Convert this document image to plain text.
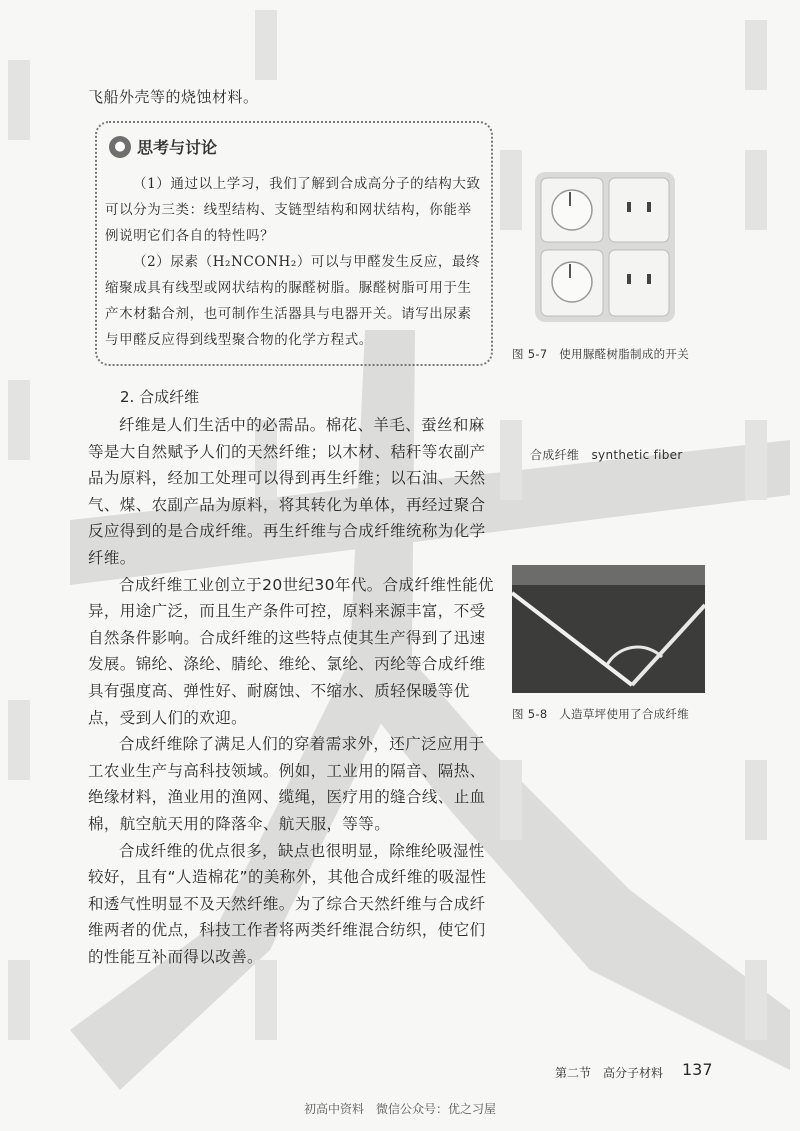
飞船外壳等的烧蚀材料。
● 思考与讨论

（1）通过以上学习，我们了解到合成高分子的结构大致可以分为三类：线型结构、支链型结构和网状结构，你能举例说明它们各自的特性吗？

（2）尿素（H₂NCONH₂）可以与甲醛发生反应，最终缩聚成具有线型或网状结构的脲醛树脂。脲醛树脂可用于生产木材黏合剂，也可制作生活器具与电器开关。请写出尿素与甲醛反应得到线型聚合物的化学方程式。

图 5-7　使用脲醛树脂制成的开关
合成纤维　synthetic fiber
2. 合成纤维

纤维是人们生活中的必需品。棉花、羊毛、蚕丝和麻等是大自然赋予人们的天然纤维；以木材、秸秆等农副产品为原料，经加工处理可以得到再生纤维；以石油、天然气、煤、农副产品为原料，将其转化为单体，再经过聚合反应得到的是合成纤维。再生纤维与合成纤维统称为化学纤维。

合成纤维工业创立于20世纪30年代。合成纤维性能优异，用途广泛，而且生产条件可控，原料来源丰富，不受自然条件影响。合成纤维的这些特点使其生产得到了迅速发展。锦纶、涤纶、腈纶、维纶、氯纶、丙纶等合成纤维具有强度高、弹性好、耐腐蚀、不缩水、质轻保暖等优点，受到人们的欢迎。

合成纤维除了满足人们的穿着需求外，还广泛应用于工农业生产与高科技领域。例如，工业用的隔音、隔热、绝缘材料，渔业用的渔网、缆绳，医疗用的缝合线、止血棉，航空航天用的降落伞、航天服，等等。

合成纤维的优点很多，缺点也很明显，除维纶吸湿性较好，且有“人造棉花”的美称外，其他合成纤维的吸湿性和透气性明显不及天然纤维。为了综合天然纤维与合成纤维两者的优点，科技工作者将两类纤维混合纺织，使它们的性能互补而得以改善。

图 5-8　人造草坪使用了合成纤维
第二节　高分子材料 137
初高中资料　微信公众号：优之习屋
